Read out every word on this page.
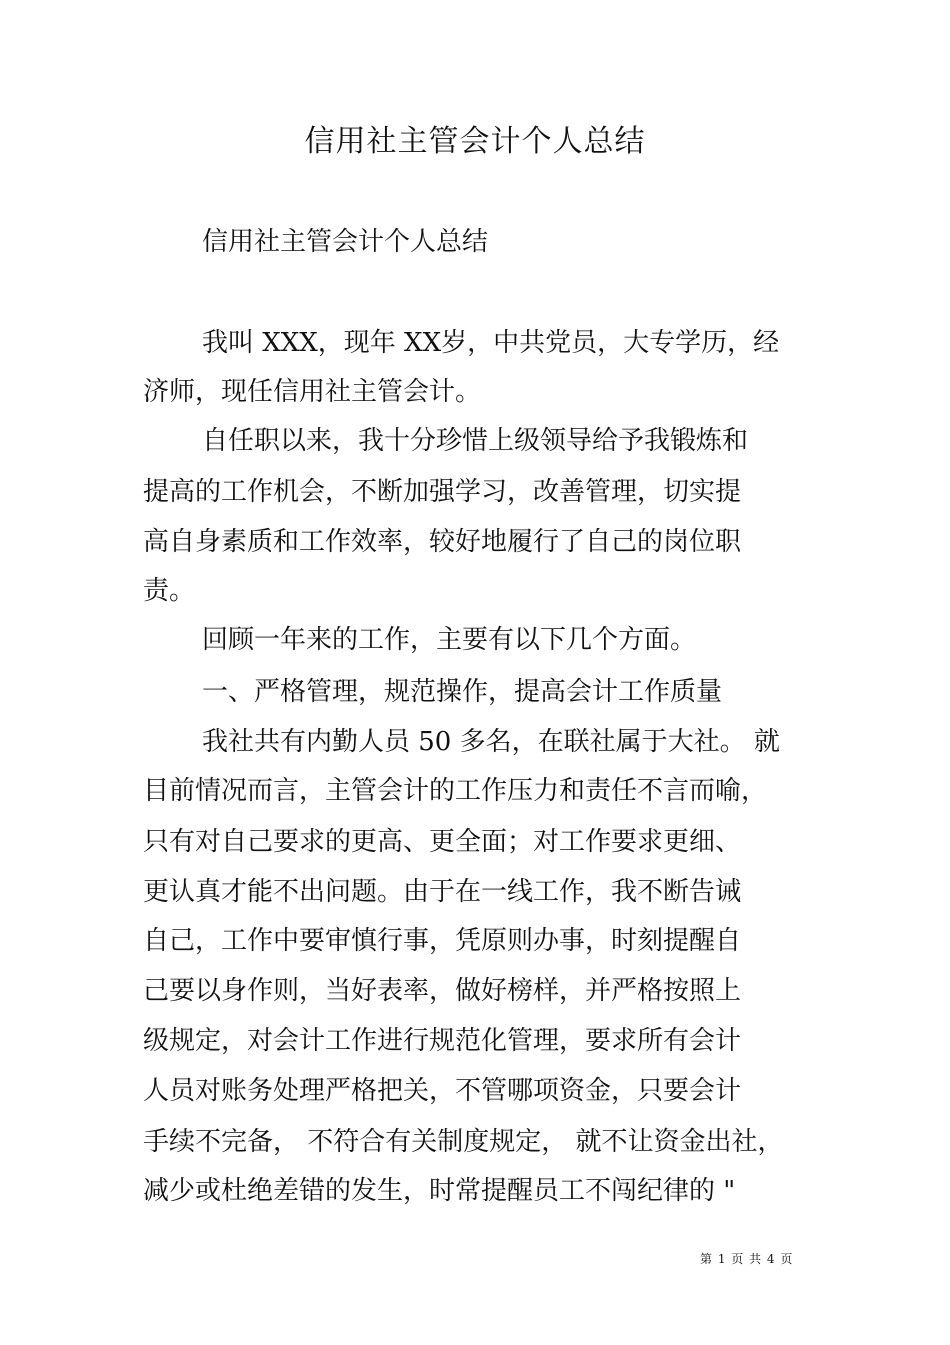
信用社主管会计个人总结
信用社主管会计个人总结
我叫 XXX，现年 XX岁，中共党员，大专学历，经
济师，现任信用社主管会计。
自任职以来，我十分珍惜上级领导给予我锻炼和
提高的工作机会，不断加强学习，改善管理，切实提
高自身素质和工作效率，较好地履行了自己的岗位职
责。
回顾一年来的工作，主要有以下几个方面。
一、严格管理，规范操作，提高会计工作质量
我社共有内勤人员 50 多名，在联社属于大社。 就
目前情况而言，主管会计的工作压力和责任不言而喻，
只有对自己要求的更高、更全面；对工作要求更细、
更认真才能不出问题。由于在一线工作，我不断告诫
自己，工作中要审慎行事，凭原则办事，时刻提醒自
己要以身作则，当好表率，做好榜样，并严格按照上
级规定，对会计工作进行规范化管理，要求所有会计
人员对账务处理严格把关，不管哪项资金，只要会计
手续不完备， 不符合有关制度规定， 就不让资金出社，
减少或杜绝差错的发生，时常提醒员工不闯纪律的 "
第 1 页 共 4 页
